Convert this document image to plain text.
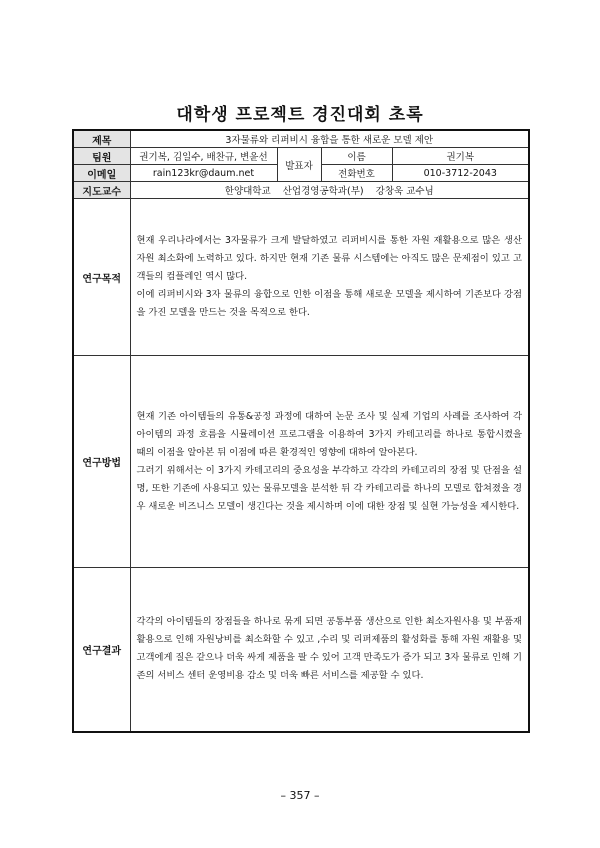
대학생 프로젝트 경진대회 초록
제목	3자물류와 리퍼비시 융합을 통한 새로운 모델 제안			
팀원	권기복, 김일수, 배찬규, 변윤선	발표자	이름	권기복
이메일	rain123kr@daum.net		전화번호	010-3712-2043
지도교수	한양대학교    산업경영공학과(부)    강창욱 교수님			
연구목적	현재 우리나라에서는 3자물류가 크게 발달하였고 리퍼비시를 통한 자원 재활용으로 많은 생산 자원 최소화에 노력하고 있다. 하지만 현재 기존 물류 시스템에는 아직도 많은 문제점이 있고 고객들의 컴플레인 역시 많다.

이에 리퍼비시와 3자 물류의 융합으로 인한 이점을 통해 새로운 모델을 제시하여 기존보다 강점을 가진 모델을 만드는 것을 목적으로 한다.			

연구방법	현재 기존 아이템들의 유통&공정 과정에 대하여 논문 조사 및 실제 기업의 사례를 조사하여 각 아이템의 과정 흐름을 시뮬레이션 프로그램을 이용하여 3가지 카테고리를 하나로 통합시켰을 때의 이점을 알아본 뒤 이점에 따른 환경적인 영향에 대하여 알아본다.

그러기 위해서는 이 3가지 카테고리의 중요성을 부각하고 각각의 카테고리의 장점 및 단점을 설명, 또한 기존에 사용되고 있는 물류모델을 분석한 뒤 각 카테고리를 하나의 모델로 합쳐졌을 경우 새로운 비즈니스 모델이 생긴다는 것을 제시하며 이에 대한 장점 및 실현 가능성을 제시한다.			

연구결과	각각의 아이템들의 장점들을 하나로 묶게 되면 공통부품 생산으로 인한 최소자원사용 및 부품재활용으로 인해 자원낭비를 최소화할 수 있고 ,수리 및 리퍼제품의 활성화를 통해 자원 재활용 및 고객에게 질은 같으나 더욱 싸게 제품을 팔 수 있어 고객 만족도가 증가 되고 3자 물류로 인해 기존의 서비스 센터 운영비용 감소 및 더욱 빠른 서비스를 제공할 수 있다.			

– 357 –
